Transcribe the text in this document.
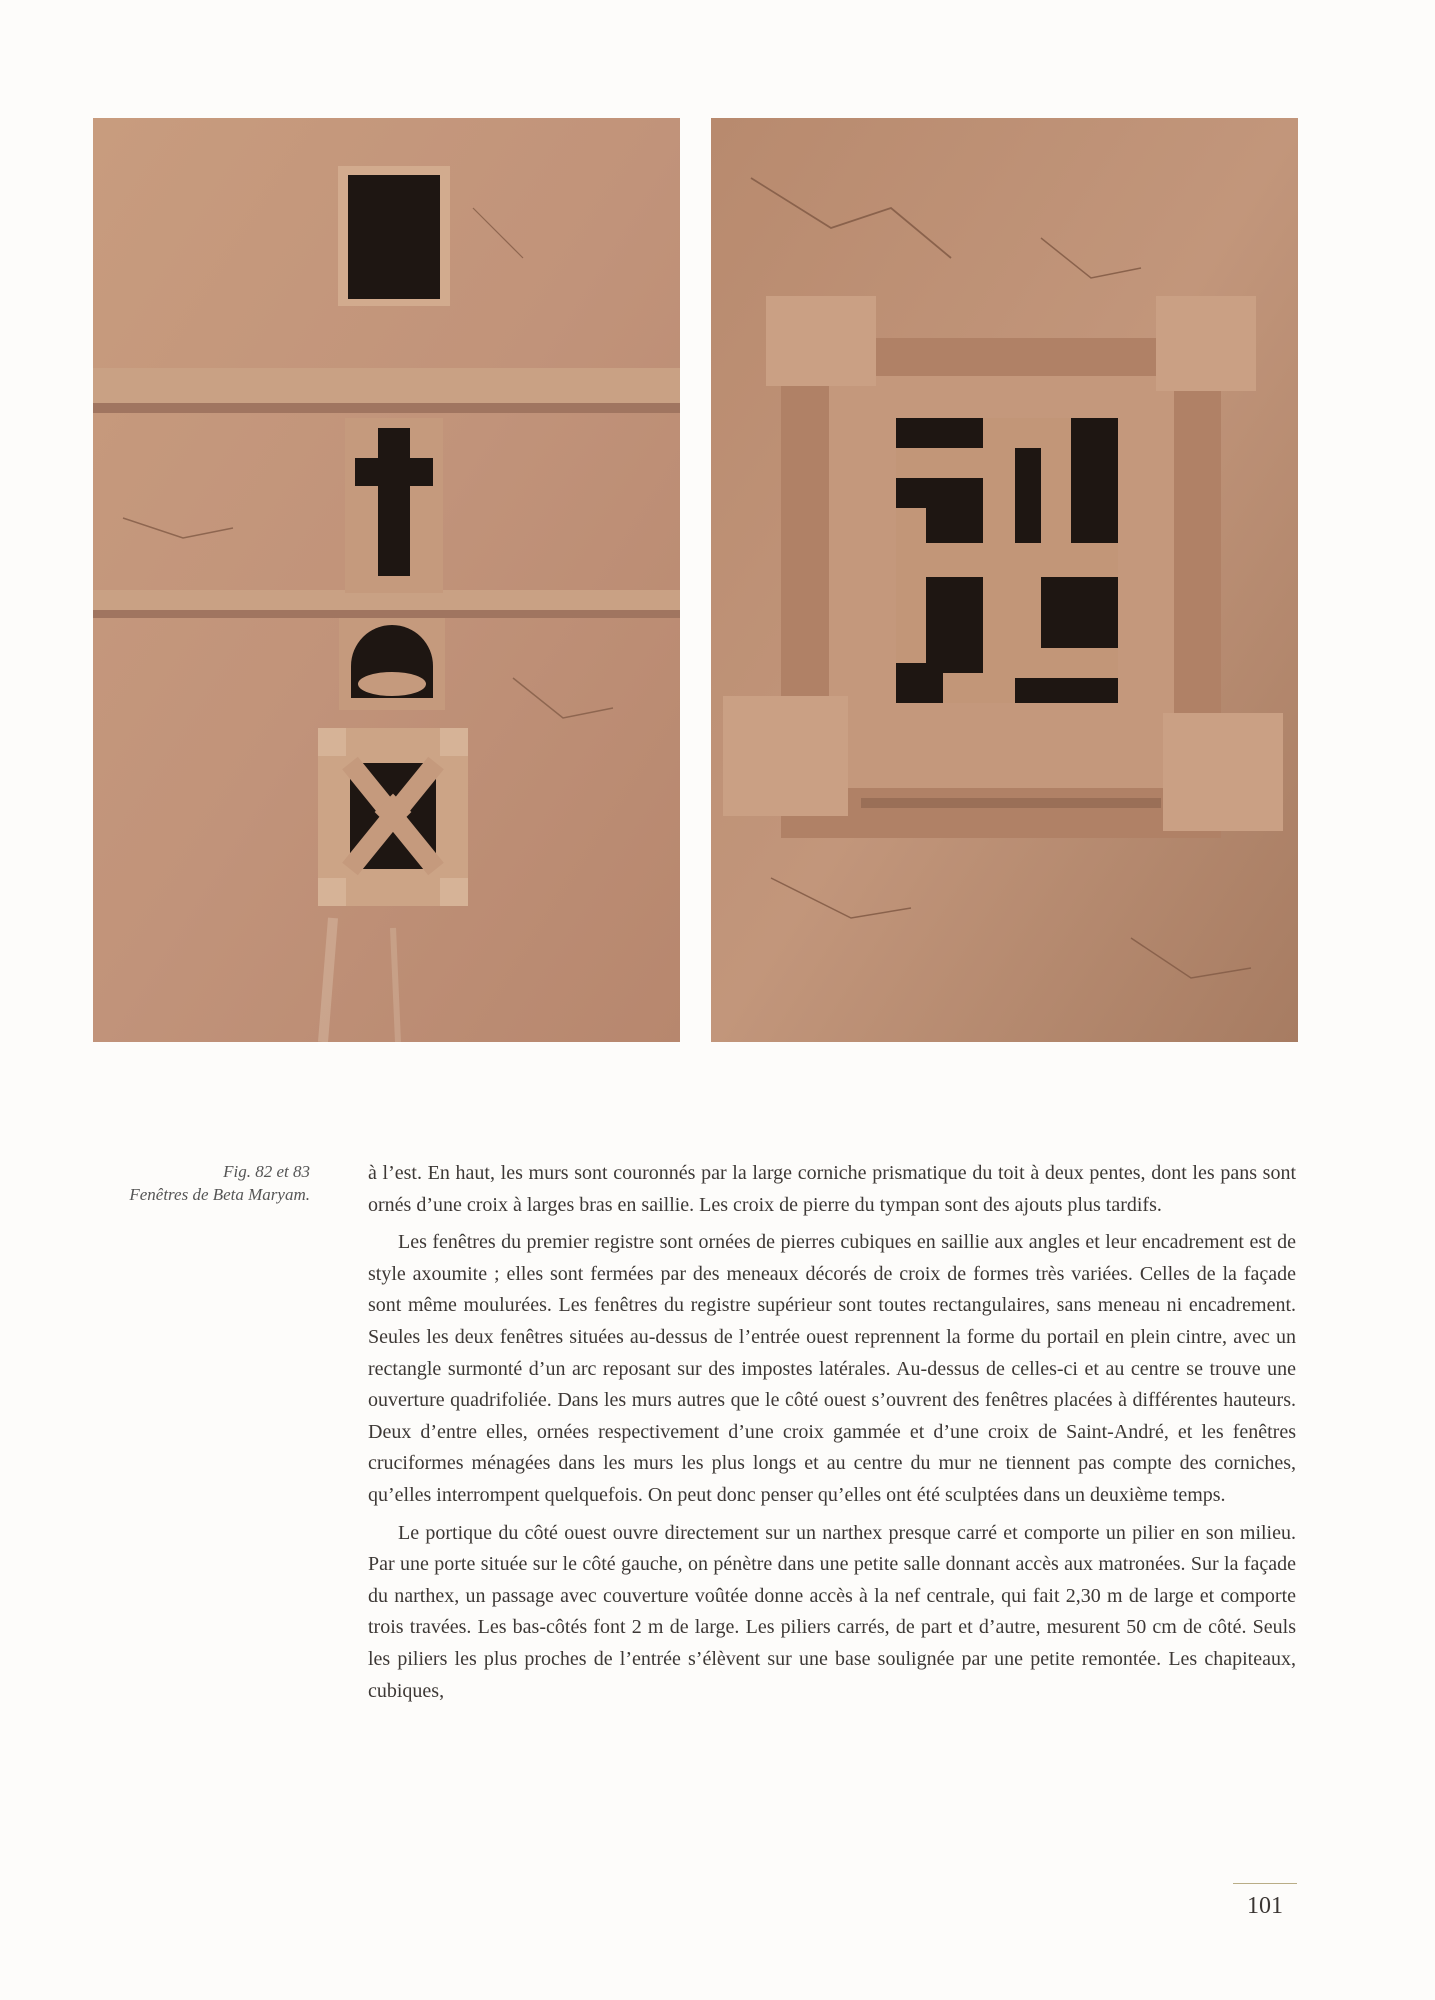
Fig. 82 et 83
Fenêtres de Beta Maryam.

à l’est. En haut, les murs sont couronnés par la large corniche prismatique du toit à deux pentes, dont les pans sont ornés d’une croix à larges bras en saillie. Les croix de pierre du tympan sont des ajouts plus tardifs.

Les fenêtres du premier registre sont ornées de pierres cubiques en saillie aux angles et leur encadrement est de style axoumite ; elles sont fermées par des meneaux décorés de croix de formes très variées. Celles de la façade sont même moulurées. Les fenêtres du registre supérieur sont toutes rectangulaires, sans meneau ni encadrement. Seules les deux fenêtres situées au-dessus de l’entrée ouest reprennent la forme du portail en plein cintre, avec un rectangle surmonté d’un arc reposant sur des impostes latérales. Au-dessus de celles-ci et au centre se trouve une ouverture quadrifoliée. Dans les murs autres que le côté ouest s’ouvrent des fenêtres placées à différentes hauteurs. Deux d’entre elles, ornées respectivement d’une croix gammée et d’une croix de Saint-André, et les fenêtres cruciformes ménagées dans les murs les plus longs et au centre du mur ne tiennent pas compte des corniches, qu’elles interrompent quelquefois. On peut donc penser qu’elles ont été sculptées dans un deuxième temps.

Le portique du côté ouest ouvre directement sur un narthex presque carré et comporte un pilier en son milieu. Par une porte située sur le côté gauche, on pénètre dans une petite salle donnant accès aux matronées. Sur la façade du narthex, un passage avec couverture voûtée donne accès à la nef centrale, qui fait 2,30 m de large et comporte trois travées. Les bas-côtés font 2 m de large. Les piliers carrés, de part et d’autre, mesurent 50 cm de côté. Seuls les piliers les plus proches de l’entrée s’élèvent sur une base soulignée par une petite remontée. Les chapiteaux, cubiques,

101
